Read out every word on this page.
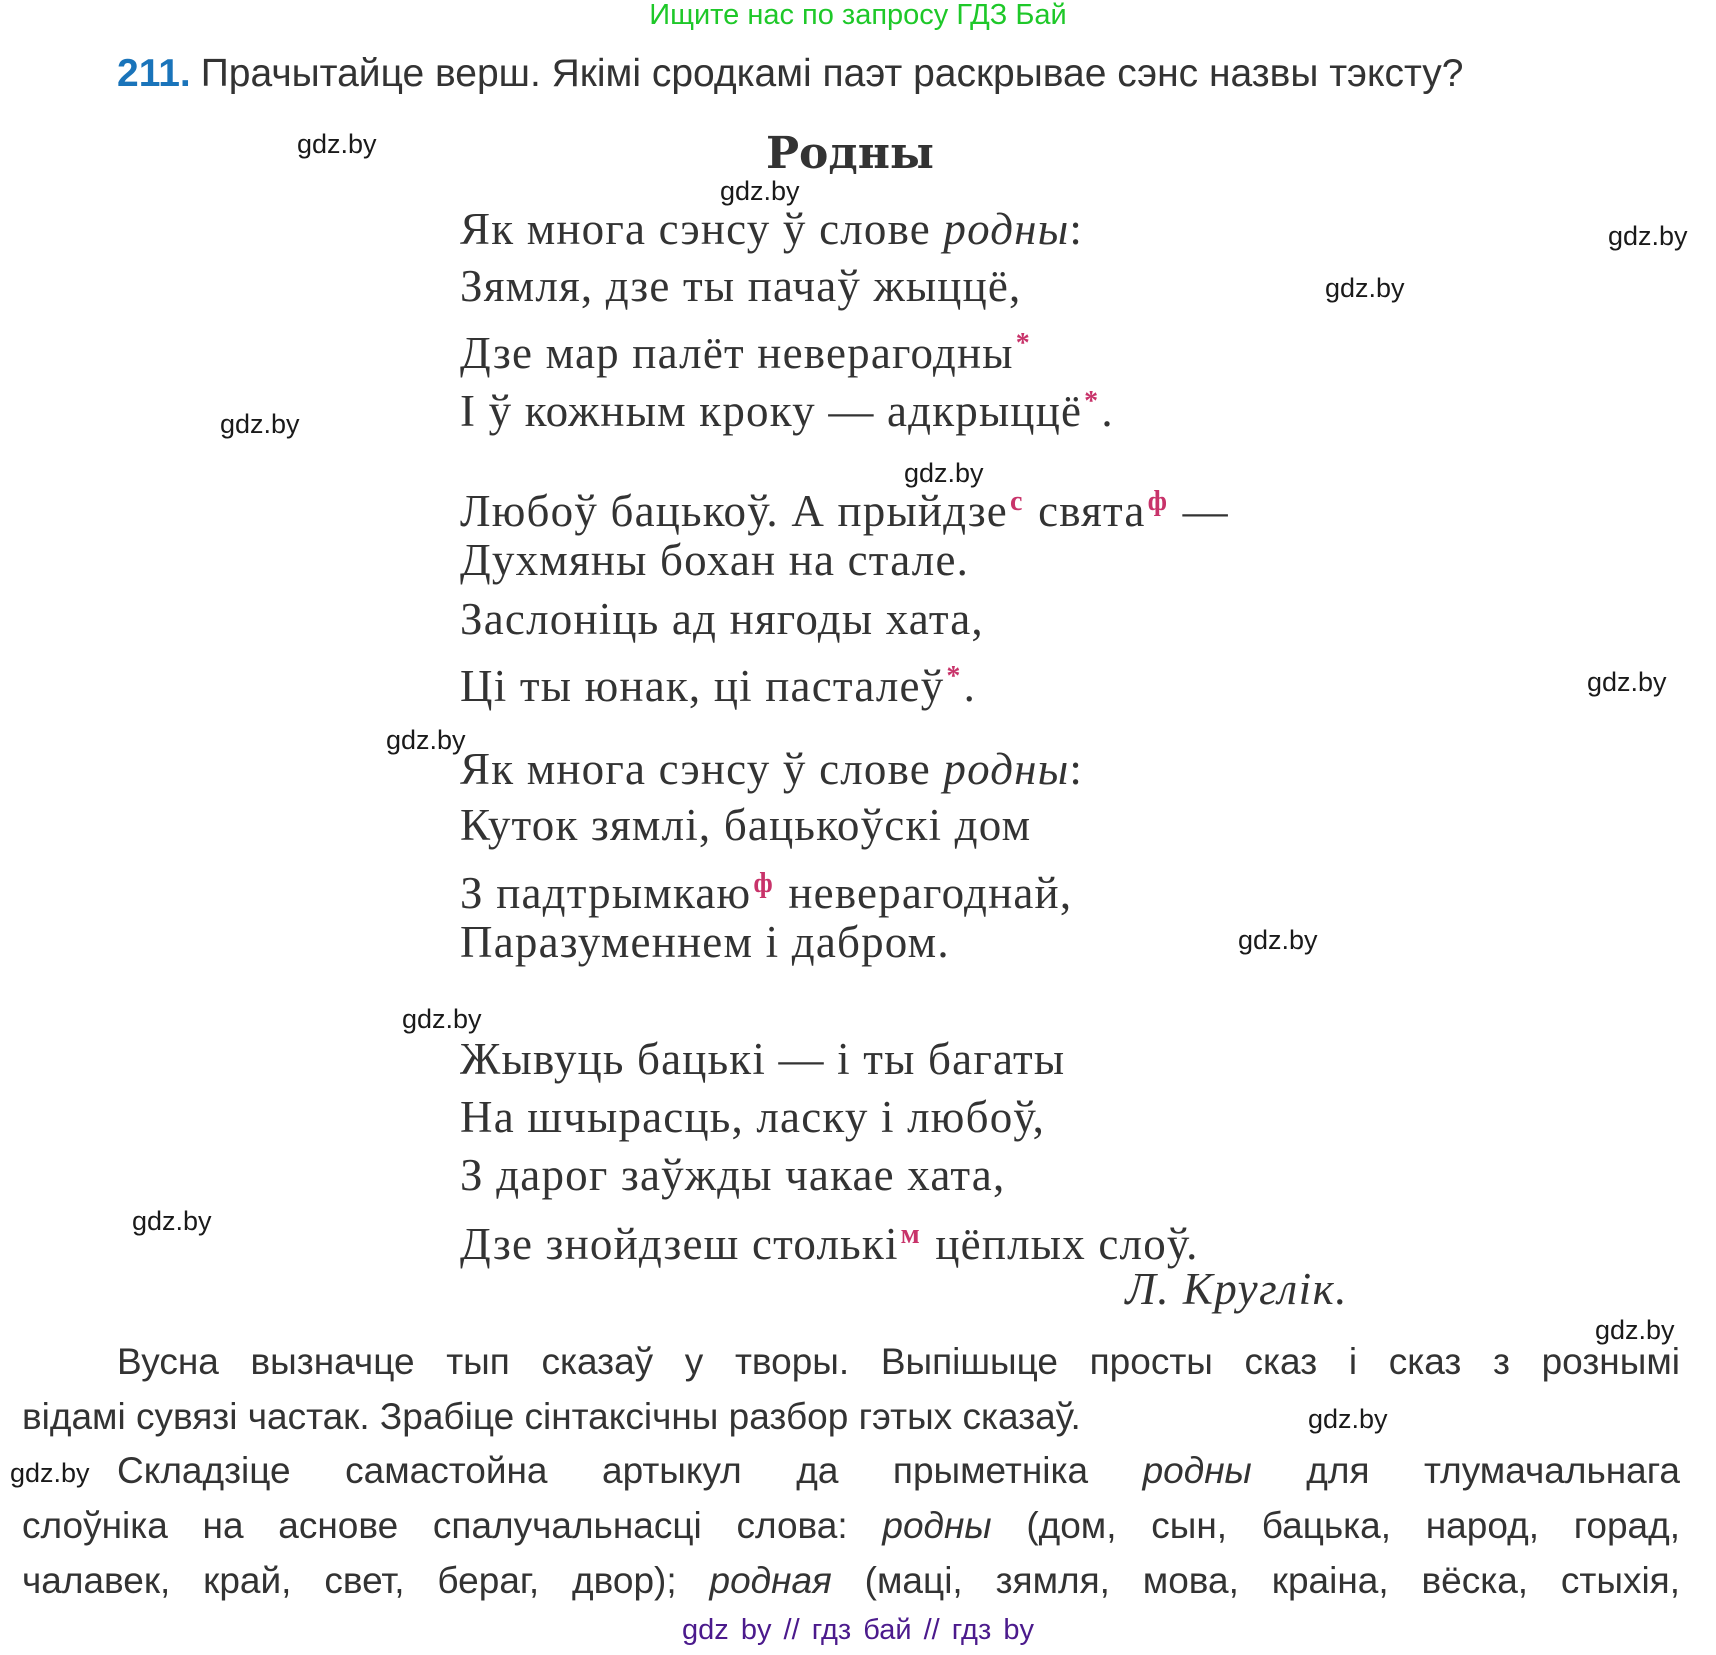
Ищите нас по запросу ГДЗ Бай
211. Прачытайце верш. Якімі сродкамі паэт раскрывае сэнс назвы тэксту?
Родны
Як многа сэнсу ў слове родны:
Зямля, дзе ты пачаў жыццё,
Дзе мар палёт неверагодны*
І ў кожным кроку — адкрыццё*.
Любоў бацькоў. А прыйдзе$^с$ свята$^ф$ —
Духмяны бохан на стале.
Заслоніць ад нягоды хата,
Ці ты юнак, ці пасталеў*.
Як многа сэнсу ў слове родны:
Куток зямлі, бацькоўскі дом
З падтрымкаю$^ф$ неверагоднай,
Паразуменнем і дабром.
Жывуць бацькі — і ты багаты
На шчырасць, ласку і любоў,
З дарог заўжды чакае хата,
Дзе знойдзеш столькі$^м$ цёплых слоў.
Л. Круглік.
Вусна вызначце тып сказаў у творы. Выпішыце просты сказ і сказ з рознымі
відамі сувязі частак. Зрабіце сінтаксічны разбор гэтых сказаў.
Складзіце самастойна артыкул да прыметніка родны для тлумачальнага
слоўніка на аснове спалучальнасці слова: родны (дом, сын, бацька, народ, горад,
чалавек, край, свет, бераг, двор); родная (маці, зямля, мова, краіна, вёска, стыхія,
gdz.by
gdz.by
gdz.by
gdz.by
gdz.by
gdz.by
gdz.by
gdz.by
gdz.by
gdz.by
gdz.by
gdz.by
gdz.by
gdz.by
gdz by // гдз бай // гдз by
